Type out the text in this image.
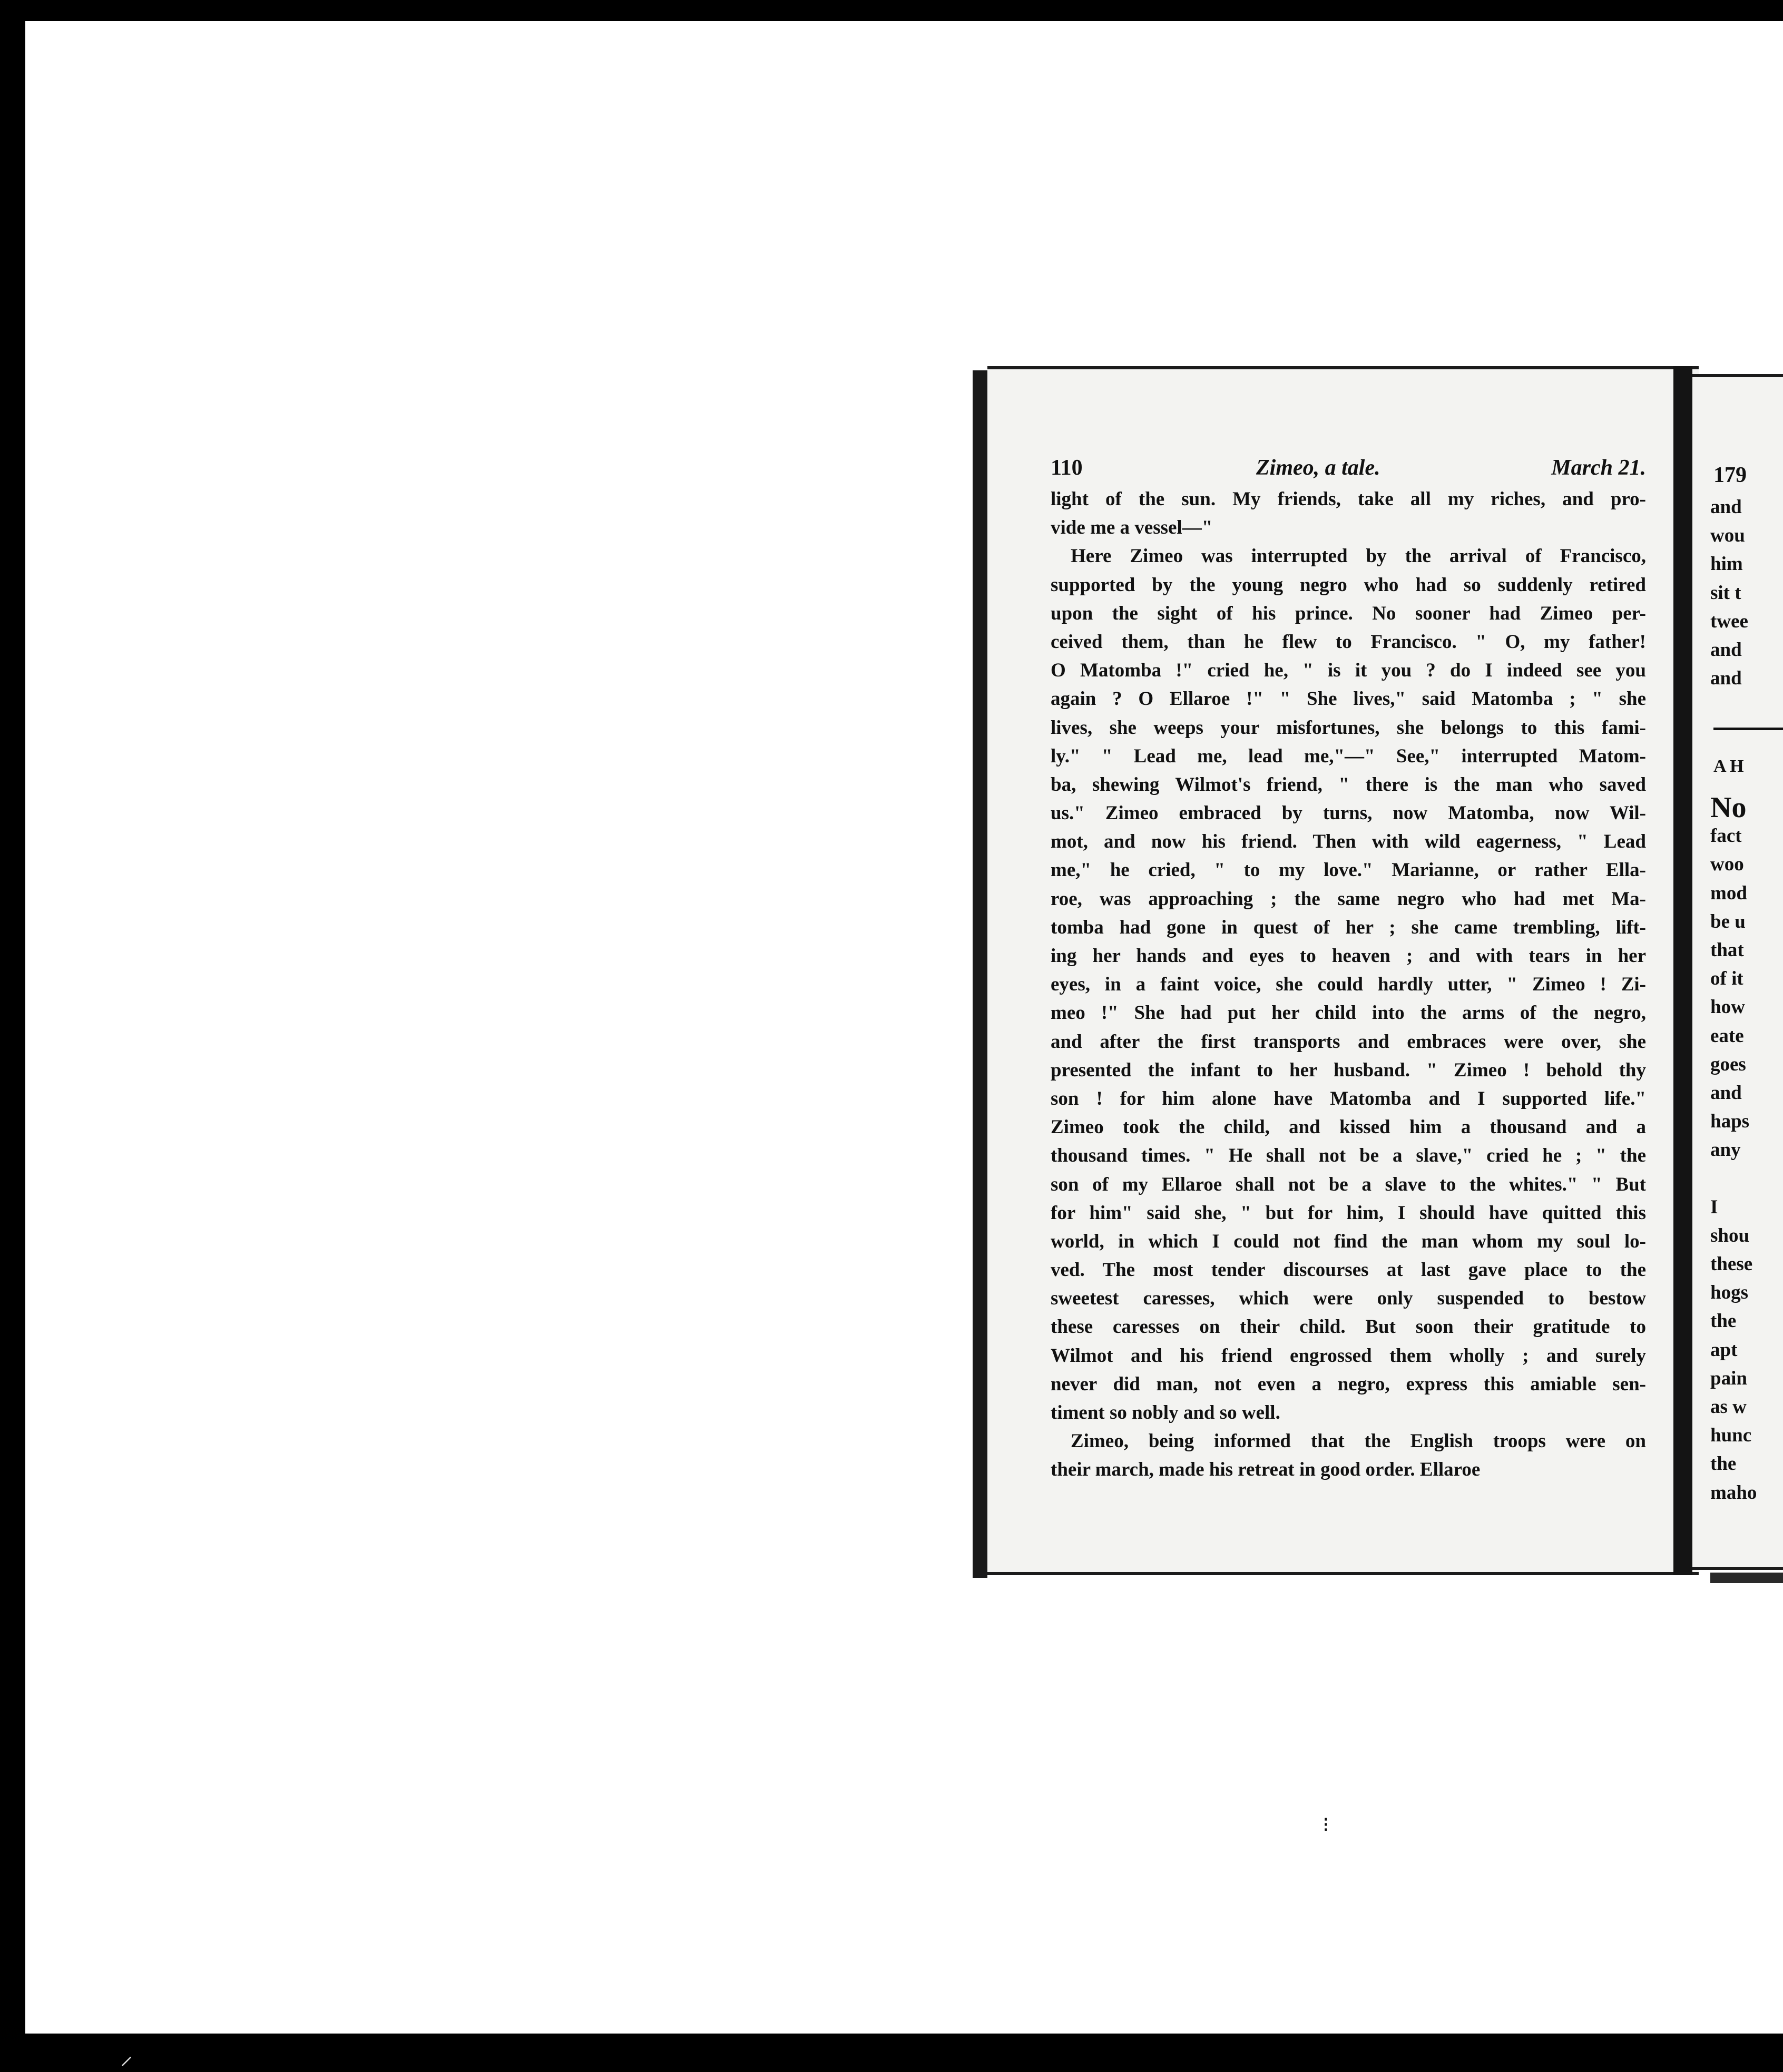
110	Zimeo, a tale.	March 21.
light of the sun. My friends, take all my riches, and pro-
vide me a vessel—"
Here Zimeo was interrupted by the arrival of Francisco,
supported by the young negro who had so suddenly retired
upon the sight of his prince. No sooner had Zimeo per-
ceived them, than he flew to Francisco. " O, my father!
O Matomba !" cried he, " is it you ? do I indeed see you
again ? O Ellaroe !" " She lives," said Matomba ; " she
lives, she weeps your misfortunes, she belongs to this fami-
ly." " Lead me, lead me,"—" See," interrupted Matom-
ba, shewing Wilmot's friend, " there is the man who saved
us." Zimeo embraced by turns, now Matomba, now Wil-
mot, and now his friend. Then with wild eagerness, " Lead
me," he cried, " to my love." Marianne, or rather Ella-
roe, was approaching ; the same negro who had met Ma-
tomba had gone in quest of her ; she came trembling, lift-
ing her hands and eyes to heaven ; and with tears in her
eyes, in a faint voice, she could hardly utter, " Zimeo ! Zi-
meo !" She had put her child into the arms of the negro,
and after the first transports and embraces were over, she
presented the infant to her husband. " Zimeo ! behold thy
son ! for him alone have Matomba and I supported life."
Zimeo took the child, and kissed him a thousand and a
thousand times. " He shall not be a slave," cried he ; " the
son of my Ellaroe shall not be a slave to the whites." " But
for him" said she, " but for him, I should have quitted this
world, in which I could not find the man whom my soul lo-
ved. The most tender discourses at last gave place to the
sweetest caresses, which were only suspended to bestow
these caresses on their child. But soon their gratitude to
Wilmot and his friend engrossed them wholly ; and surely
never did man, not even a negro, express this amiable sen-
timent so nobly and so well.
Zimeo, being informed that the English troops were on
their march, made his retreat in good order. Ellaroe
179
and
wou
him
sit t
twee
and
and
A H
No
fact
woo
mod
be u
that
of it
how
eate
goes
and
haps
any
I
shou
these
hogs
the
apt
pain
as w
hunc
the
maho
⁝
⸝
